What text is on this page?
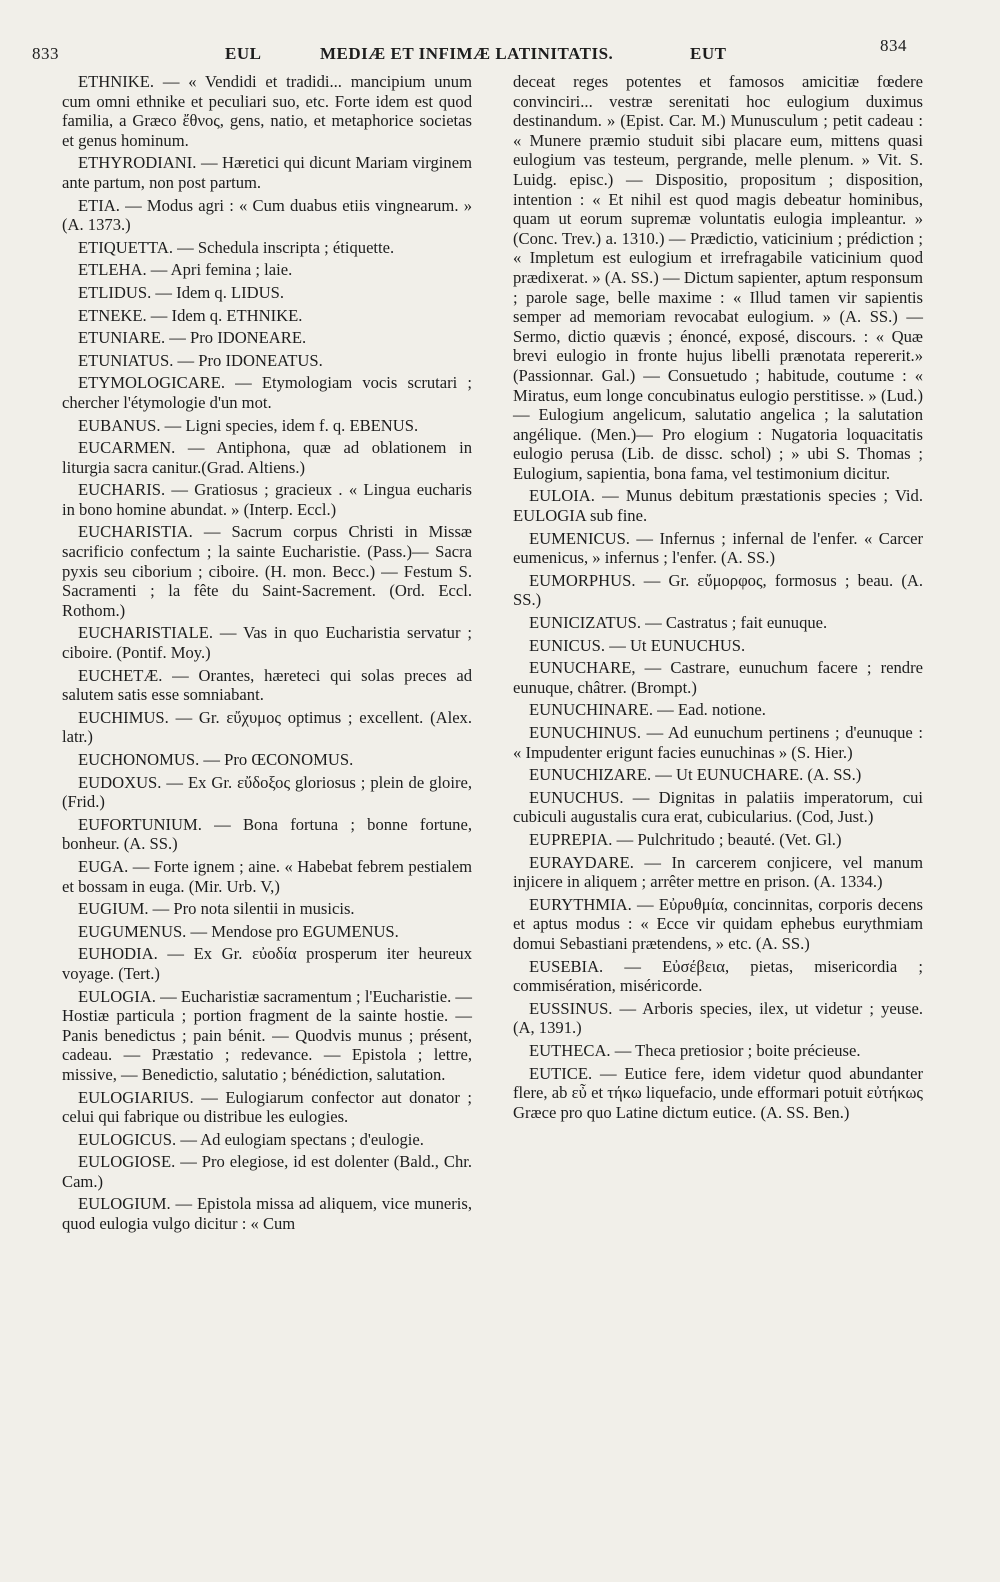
833	EUL	MEDIÆ ET INFIMÆ LATINITATIS.	EUT	834

ETHNIKE. — « Vendidi et tradidi... mancipium unum cum omni ethnike et peculiari suo, etc. Forte idem est quod familia, a Græco ἔθνος, gens, natio, et metaphorice societas et genus hominum.

ETHYRODIANI. — Hæretici qui dicunt Mariam virginem ante partum, non post partum.

ETIA. — Modus agri : « Cum duabus etiis vingnearum. » (A. 1373.)

ETIQUETTA. — Schedula inscripta ; étiquette.

ETLEHA. — Apri femina ; laie.

ETLIDUS. — Idem q. LIDUS.

ETNEKE. — Idem q. ETHNIKE.

ETUNIARE. — Pro IDONEARE.

ETUNIATUS. — Pro IDONEATUS.

ETYMOLOGICARE. — Etymologiam vocis scrutari ; chercher l'étymologie d'un mot.

EUBANUS. — Ligni species, idem f. q. EBENUS.

EUCARMEN. — Antiphona, quæ ad oblationem in liturgia sacra canitur.(Grad. Altiens.)

EUCHARIS. — Gratiosus ; gracieux . « Lingua eucharis in bono homine abundat. » (Interp. Eccl.)

EUCHARISTIA. — Sacrum corpus Christi in Missæ sacrificio confectum ; la sainte Eucharistie. (Pass.)— Sacra pyxis seu ciborium ; ciboire. (H. mon. Becc.) — Festum S. Sacramenti ; la fête du Saint-Sacrement. (Ord. Eccl. Rothom.)

EUCHARISTIALE. — Vas in quo Eucharistia servatur ; ciboire. (Pontif. Moy.)

EUCHETÆ. — Orantes, hæreteci qui solas preces ad salutem satis esse somniabant.

EUCHIMUS. — Gr. εὔχυμος optimus ; excellent. (Alex. latr.)

EUCHONOMUS. — Pro ŒCONOMUS.

EUDOXUS. — Ex Gr. εὔδοξος gloriosus ; plein de gloire, (Frid.)

EUFORTUNIUM. — Bona fortuna ; bonne fortune, bonheur. (A. SS.)

EUGA. — Forte ignem ; aine. « Habebat febrem pestialem et bossam in euga. (Mir. Urb. V,)

EUGIUM. — Pro nota silentii in musicis.

EUGUMENUS. — Mendose pro EGUMENUS.

EUHODIA. — Ex Gr. εὐοδία prosperum iter heureux voyage. (Tert.)

EULOGIA. — Eucharistiæ sacramentum ; l'Eucharistie. — Hostiæ particula ; portion fragment de la sainte hostie. — Panis benedictus ; pain bénit. — Quodvis munus ; présent, cadeau. — Præstatio ; redevance. — Epistola ; lettre, missive, — Benedictio, salutatio ; bénédiction, salutation.

EULOGIARIUS. — Eulogiarum confector aut donator ; celui qui fabrique ou distribue les eulogies.

EULOGICUS. — Ad eulogiam spectans ; d'eulogie.

EULOGIOSE. — Pro elegiose, id est dolenter (Bald., Chr. Cam.)

EULOGIUM. — Epistola missa ad aliquem, vice muneris, quod eulogia vulgo dicitur : « Cum

deceat reges potentes et famosos amicitiæ fœdere convinciri... vestræ serenitati hoc eulogium duximus destinandum. » (Epist. Car. M.) Munusculum ; petit cadeau : « Munere præmio studuit sibi placare eum, mittens quasi eulogium vas testeum, pergrande, melle plenum. » Vit. S. Luidg. episc.) — Dispositio, propositum ; disposition, intention : « Et nihil est quod magis debeatur hominibus, quam ut eorum supremæ voluntatis eulogia impleantur. » (Conc. Trev.) a. 1310.) — Prædictio, vaticinium ; prédiction ; « Impletum est eulogium et irrefragabile vaticinium quod prædixerat. » (A. SS.) — Dictum sapienter, aptum responsum ; parole sage, belle maxime : « Illud tamen vir sapientis semper ad memoriam revocabat eulogium. » (A. SS.) — Sermo, dictio quævis ; énoncé, exposé, discours. : « Quæ brevi eulogio in fronte hujus libelli prænotata repererit.» (Passionnar. Gal.) — Consuetudo ; habitude, coutume : « Miratus, eum longe concubinatus eulogio perstitisse. » (Lud.) — Eulogium angelicum, salutatio angelica ; la salutation angélique. (Men.)— Pro elogium : Nugatoria loquacitatis eulogio perusa (Lib. de dissc. schol) ; » ubi S. Thomas ; Eulogium, sapientia, bona fama, vel testimonium dicitur.

EULOIA. — Munus debitum præstationis species ; Vid. EULOGIA sub fine.

EUMENICUS. — Infernus ; infernal de l'enfer. « Carcer eumenicus, » infernus ; l'enfer. (A. SS.)

EUMORPHUS. — Gr. εὔμορφος, formosus ; beau. (A. SS.)

EUNICIZATUS. — Castratus ; fait eunuque.

EUNICUS. — Ut EUNUCHUS.

EUNUCHARE, — Castrare, eunuchum facere ; rendre eunuque, châtrer. (Brompt.)

EUNUCHINARE. — Ead. notione.

EUNUCHINUS. — Ad eunuchum pertinens ; d'eunuque : « Impudenter erigunt facies eunuchinas » (S. Hier.)

EUNUCHIZARE. — Ut EUNUCHARE. (A. SS.)

EUNUCHUS. — Dignitas in palatiis imperatorum, cui cubiculi augustalis cura erat, cubicularius. (Cod, Just.)

EUPREPIA. — Pulchritudo ; beauté. (Vet. Gl.)

EURAYDARE. — In carcerem conjicere, vel manum injicere in aliquem ; arrêter mettre en prison. (A. 1334.)

EURYTHMIA. — Εὐρυθμία, concinnitas, corporis decens et aptus modus : « Ecce vir quidam ephebus eurythmiam domui Sebastiani prætendens, » etc. (A. SS.)

EUSEBIA. — Εὐσέβεια, pietas, misericordia ; commisération, miséricorde.

EUSSINUS. — Arboris species, ilex, ut videtur ; yeuse. (A, 1391.)

EUTHECA. — Theca pretiosior ; boite précieuse.

EUTICE. — Eutice fere, idem videtur quod abundanter flere, ab εὖ et τήκω liquefacio, unde efformari potuit εὐτήκως Græce pro quo Latine dictum eutice. (A. SS. Ben.)
